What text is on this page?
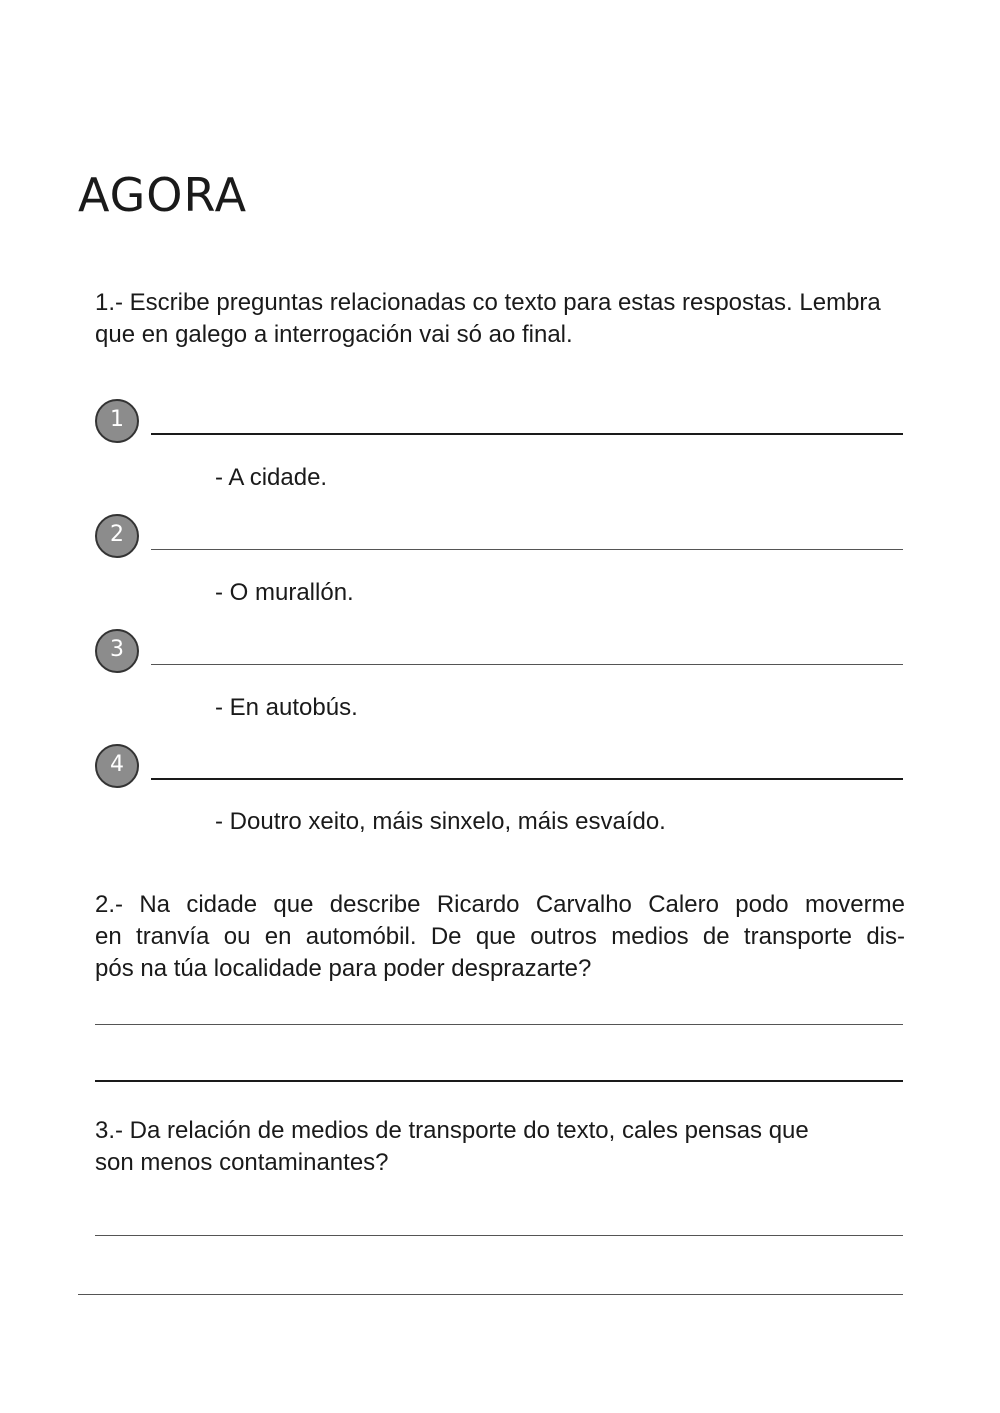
AGORA

1.- Escribe preguntas relacionadas co texto para estas respostas. Lembra
que en galego a interrogación vai só ao final.

1

- A cidade.

2

- O murallón.

3

- En autobús.

4

- Doutro xeito, máis sinxelo, máis esvaído.

2.- Na cidade que describe Ricardo Carvalho Calero podo moverme
en tranvía ou en automóbil. De que outros medios de transporte dis-
pós na túa localidade para poder desprazarte?

3.- Da relación de medios de transporte do texto, cales pensas que
son menos contaminantes?
